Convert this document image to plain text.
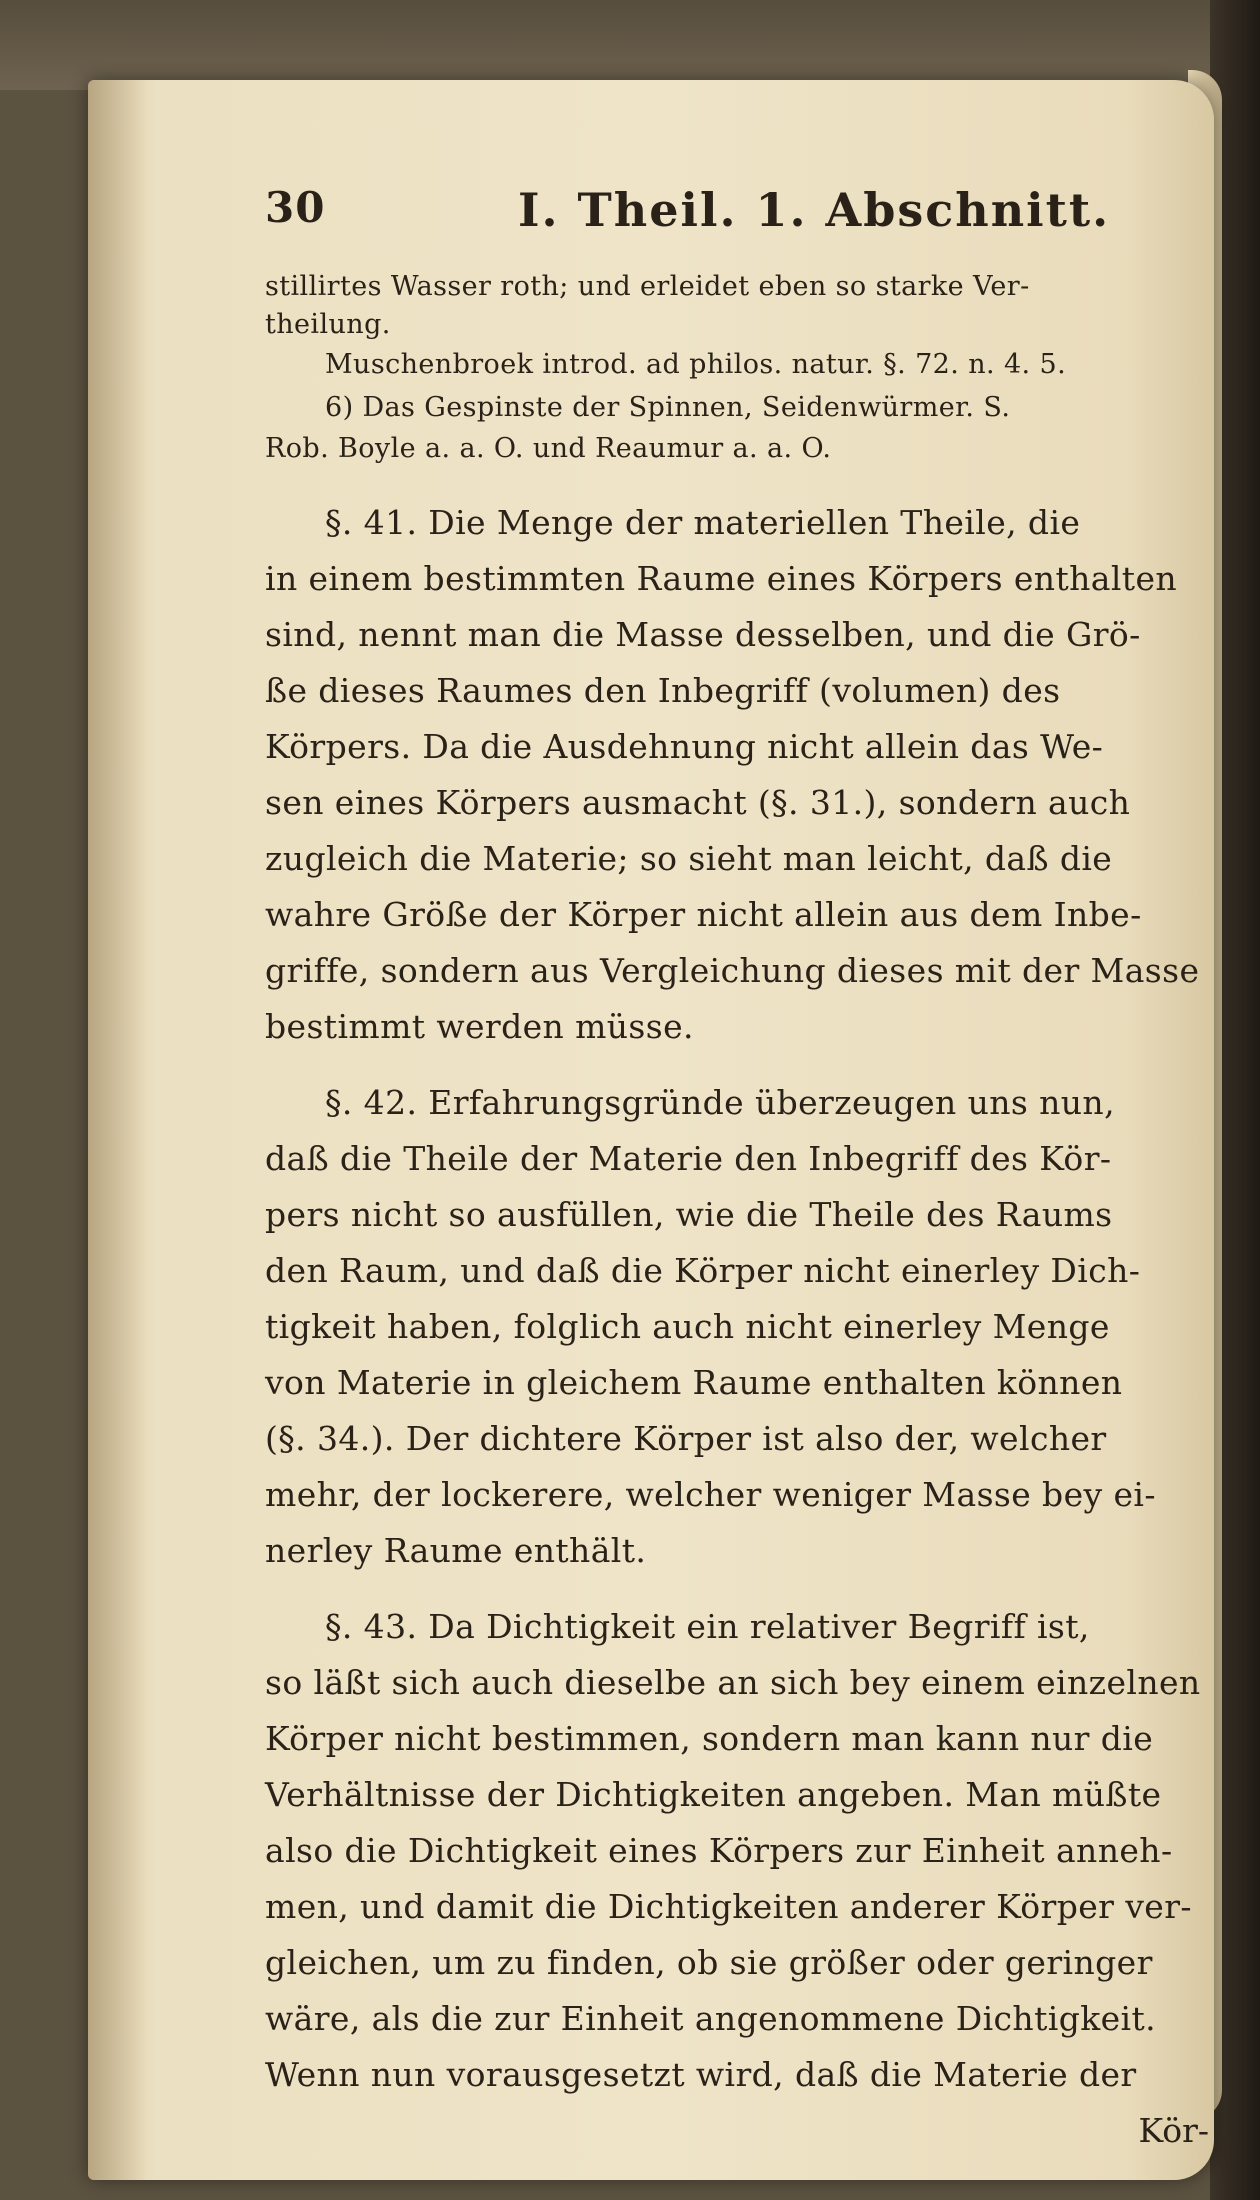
30	I. Theil. 1. Abschnitt.
stillirtes Wasser roth; und erleidet eben so starke Ver-
theilung.
Muschenbroek introd. ad philos. natur. §. 72. n. 4. 5.
6) Das Gespinste der Spinnen, Seidenwürmer. S.
Rob. Boyle a. a. O. und Reaumur a. a. O.
§. 41. Die Menge der materiellen Theile, die
in einem bestimmten Raume eines Körpers enthalten
sind, nennt man die Masse desselben, und die Grö-
ße dieses Raumes den Inbegriff (volumen) des
Körpers. Da die Ausdehnung nicht allein das We-
sen eines Körpers ausmacht (§. 31.), sondern auch
zugleich die Materie; so sieht man leicht, daß die
wahre Größe der Körper nicht allein aus dem Inbe-
griffe, sondern aus Vergleichung dieses mit der Masse
bestimmt werden müsse.
§. 42. Erfahrungsgründe überzeugen uns nun,
daß die Theile der Materie den Inbegriff des Kör-
pers nicht so ausfüllen, wie die Theile des Raums
den Raum, und daß die Körper nicht einerley Dich-
tigkeit haben, folglich auch nicht einerley Menge
von Materie in gleichem Raume enthalten können
(§. 34.). Der dichtere Körper ist also der, welcher
mehr, der lockerere, welcher weniger Masse bey ei-
nerley Raume enthält.
§. 43. Da Dichtigkeit ein relativer Begriff ist,
so läßt sich auch dieselbe an sich bey einem einzelnen
Körper nicht bestimmen, sondern man kann nur die
Verhältnisse der Dichtigkeiten angeben. Man müßte
also die Dichtigkeit eines Körpers zur Einheit anneh-
men, und damit die Dichtigkeiten anderer Körper ver-
gleichen, um zu finden, ob sie größer oder geringer
wäre, als die zur Einheit angenommene Dichtigkeit.
Wenn nun vorausgesetzt wird, daß die Materie der
Kör-
